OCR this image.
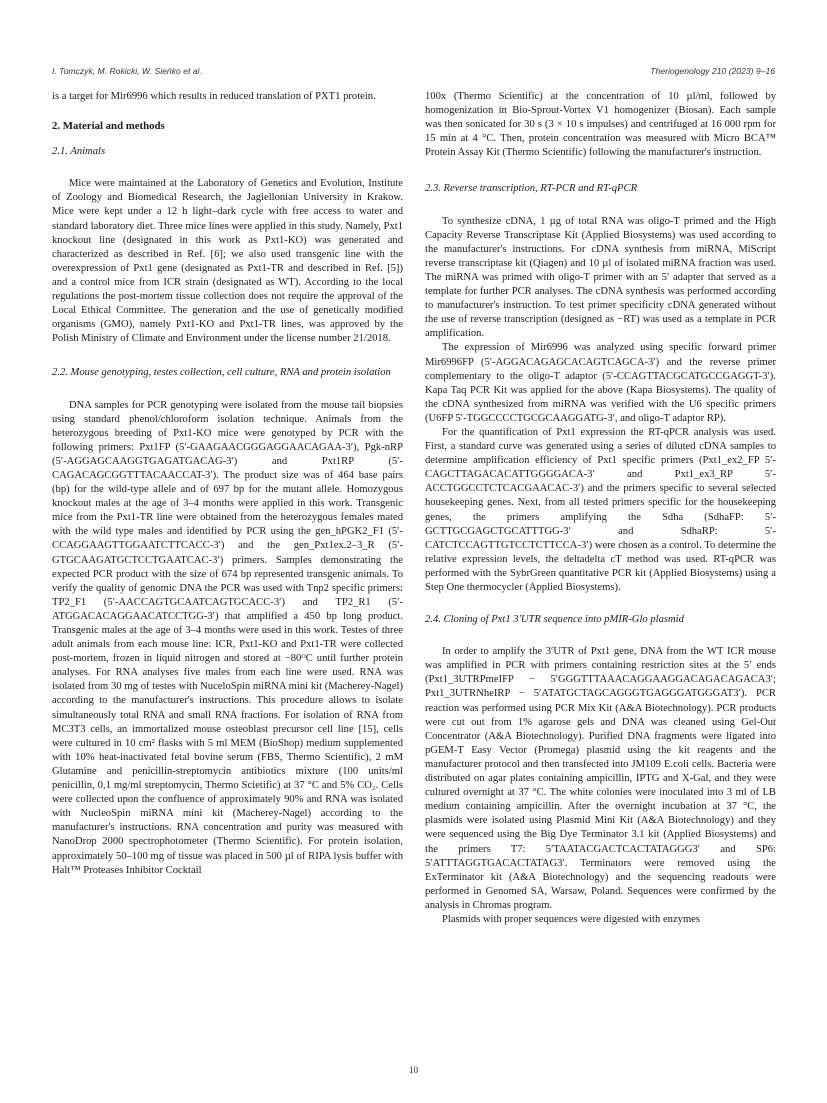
I. Tomczyk, M. Rokicki, W. Sieńko et al.	Theriogenology 210 (2023) 9–16

is a target for Mir6996 which results in reduced translation of PXT1 protein.

2. Material and methods
2.1. Animals

Mice were maintained at the Laboratory of Genetics and Evolution, Institute of Zoology and Biomedical Research, the Jagiellonian University in Krakow. Mice were kept under a 12 h light–dark cycle with free access to water and standard laboratory diet. Three mice lines were applied in this study. Namely, Pxt1 knockout line (designated in this work as Pxt1-KO) was generated and characterized as described in Ref. [6]; we also used transgenic line with the overexpression of Pxt1 gene (designated as Pxt1-TR and described in Ref. [5]) and a control mice from ICR strain (designated as WT). According to the local regulations the post-mortem tissue collection does not require the approval of the Local Ethical Committee. The generation and the use of genetically modified organisms (GMO), namely Pxt1-KO and Pxt1-TR lines, was approved by the Polish Ministry of Climate and Environment under the license number 21/2018.

2.2. Mouse genotyping, testes collection, cell culture, RNA and protein isolation

DNA samples for PCR genotyping were isolated from the mouse tail biopsies using standard phenol/chloroform isolation technique. Animals from the heterozygous breeding of Pxt1-KO mice were genotyped by PCR with the following primers: Pxt1FP (5′-GAAGAACGGGAGGAACAGAA-3′), Pgk-nRP (5′-AGGAGCAAGGTGAGATGACAG-3′) and Pxt1RP (5′-CAGACAGCGGTTTACAACCAT-3′). The product size was of 464 base pairs (bp) for the wild-type allele and of 697 bp for the mutant allele. Homozygous knockout males at the age of 3–4 months were applied in this work. Transgenic mice from the Pxt1-TR line were obtained from the heterozygous females mated with the wild type males and identified by PCR using the gen_hPGK2_F1 (5′-CCAGGAAGTTGGAATCTTCACC-3′) and the gen_Pxt1ex.2–3_R (5′-GTGCAAGATGCTCCTGAATCAC-3′) primers. Samples demonstrating the expected PCR product with the size of 674 bp represented transgenic animals. To verify the quality of genomic DNA the PCR was used with Tnp2 specific primers: TP2_F1 (5′-AACCAGTGCAATCAGTGCACC-3′) and TP2_R1 (5′-ATGGACACAGGAACATCCTGG-3′) that amplified a 450 bp long product. Transgenic males at the age of 3–4 months were used in this work. Testes of three adult animals from each mouse line: ICR, Pxt1-KO and Pxt1-TR were collected post-mortem, frozen in liquid nitrogen and stored at −80ᴼC until further protein analyses. For RNA analyses five males from each line were used. RNA was isolated from 30 mg of testes with NuceloSpin miRNA mini kit (Macherey-Nagel) according to the manufacturer's instructions. This procedure allows to isolate simultaneously total RNA and small RNA fractions. For isolation of RNA from MC3T3 cells, an immortalized mouse osteoblast precursor cell line [15], cells were cultured in 10 cm² flasks with 5 ml MEM (BioShop) medium supplemented with 10% heat-inactivated fetal bovine serum (FBS, Thermo Scientific), 2 mM Glutamine and penicillin-streptomycin antibiotics mixture (100 units/ml penicillin, 0,1 mg/ml streptomycin, Thermo Scietific) at 37 °C and 5% CO₂. Cells were collected upon the confluence of approximately 90% and RNA was isolated with NucleoSpin miRNA mini kit (Macherey-Nagel) according to the manufacturer's instructions. RNA concentration and purity was measured with NanoDrop 2000 spectrophotometer (Thermo Scientific). For protein isolation, approximately 50–100 mg of tissue was placed in 500 µl of RIPA lysis buffer with Halt™ Proteases Inhibitor Cocktail

100x (Thermo Scientific) at the concentration of 10 µl/ml, followed by homogenization in Bio-Sprout-Vortex V1 homogenizer (Biosan). Each sample was then sonicated for 30 s (3 × 10 s impulses) and centrifuged at 16 000 rpm for 15 min at 4 °C. Then, protein concentration was measured with Micro BCA™ Protein Assay Kit (Thermo Scientific) following the manufacturer's instruction.

2.3. Reverse transcription, RT-PCR and RT-qPCR

To synthesize cDNA, 1 µg of total RNA was oligo-T primed and the High Capacity Reverse Transcriptase Kit (Applied Biosystems) was used according to the manufacturer's instructions. For cDNA synthesis from miRNA, MiScript reverse transcriptase kit (Qiagen) and 10 µl of isolated miRNA fraction was used. The miRNA was primed with oligo-T primer with an 5′ adapter that served as a template for further PCR analyses. The cDNA synthesis was performed according to manufacturer's instruction. To test primer specificity cDNA generated without the use of reverse transcription (designed as −RT) was used as a template in PCR amplification.

The expression of Mir6996 was analyzed using specific forward primer Mir6996FP (5′-AGGACAGAGCACAGTCAGCA-3′) and the reverse primer complementary to the oligo-T adaptor (5′-CCAGTTACGCATGCCGAGGT-3′). Kapa Taq PCR Kit was applied for the above (Kapa Biosystems). The quality of the cDNA synthesized from miRNA was verified with the U6 specific primers (U6FP 5′-TGGCCCCTGCGCAAGGATG-3′, and oligo-T adaptor RP).

For the quantification of Pxt1 expression the RT-qPCR analysis was used. First, a standard curve was generated using a series of diluted cDNA samples to determine amplification efficiency of Pxt1 specific primers (Pxt1_ex2_FP 5′-CAGCTTAGACACATTGGGGACA-3′ and Pxt1_ex3_RP 5′-ACCTGGCCTCTCACGAACAC-3′) and the primers specific to several selected housekeeping genes. Next, from all tested primers specific for the housekeeping genes, the primers amplifying the Sdha (SdhaFP: 5′-GCTTGCGAGCTGCATTTGG-3′ and SdhaRP: 5′-CATCTCCAGTTGTCCTCTTCCA-3′) were chosen as a control. To determine the relative expression levels, the deltadelta cT method was used. RT-qPCR was performed with the SybrGreen quantitative PCR kit (Applied Biosystems) using a Step One thermocycler (Applied Biosystems).

2.4. Cloning of Pxt1 3′UTR sequence into pMIR-Glo plasmid

In order to amplify the 3′UTR of Pxt1 gene, DNA from the WT ICR mouse was amplified in PCR with primers containing restriction sites at the 5′ ends (Pxt1_3UTRPmeIFP − 5′GGGTTTAAACAGGAAGGACAGACAGACA3′; Pxt1_3UTRNheIRP − 5′ATATGCTAGCAGGGTGAGGGATGGGAT3′). PCR reaction was performed using PCR Mix Kit (A&A Biotechnology). PCR products were cut out from 1% agarose gels and DNA was cleaned using Gel-Out Concentrator (A&A Biotechnology). Purified DNA fragments were ligated into pGEM-T Easy Vector (Promega) plasmid using the kit reagents and the manufacturer protocol and then transfected into JM109 E.coli cells. Bacteria were distributed on agar plates containing ampicillin, IPTG and X-Gal, and they were cultured overnight at 37 °C. The white colonies were inoculated into 3 ml of LB medium containing ampicillin. After the overnight incubation at 37 °C, the plasmids were isolated using Plasmid Mini Kit (A&A Biotechnology) and they were sequenced using the Big Dye Terminator 3.1 kit (Applied Biosystems) and the primers T7: 5′TAATACGACTCACTATAGGG3′ and SP6: 5′ATTTAGGTGACACTATAG3′. Terminators were removed using the ExTerminator kit (A&A Biotechnology) and the sequencing readouts were performed in Genomed SA, Warsaw, Poland. Sequences were confirmed by the analysis in Chromas program.

Plasmids with proper sequences were digested with enzymes

10
